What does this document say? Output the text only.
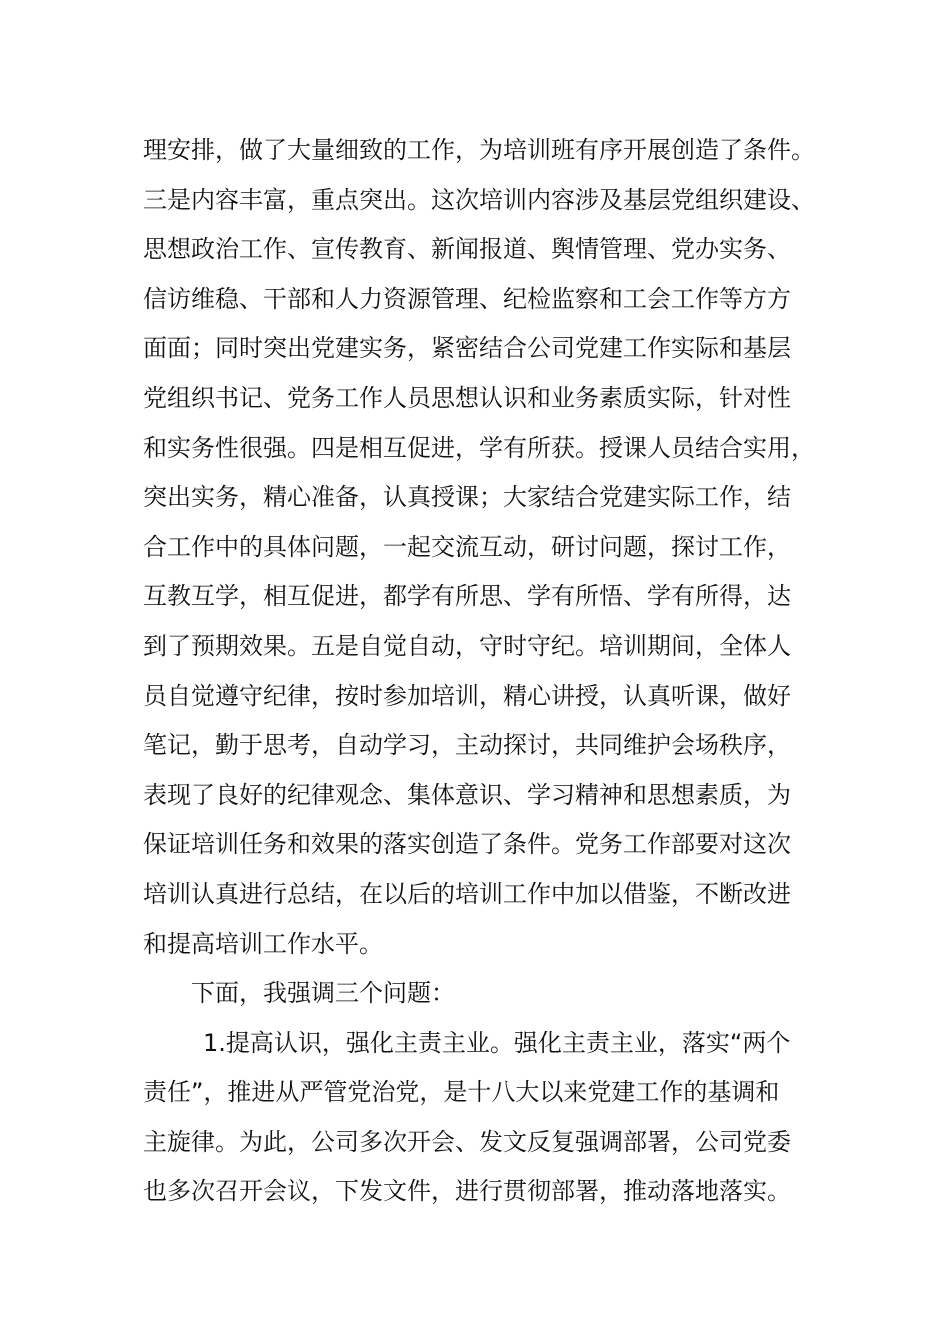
理安排，做了大量细致的工作，为培训班有序开展创造了条件。
三是内容丰富，重点突出。这次培训内容涉及基层党组织建设、
思想政治工作、宣传教育、新闻报道、舆情管理、党办实务、
信访维稳、干部和人力资源管理、纪检监察和工会工作等方方
面面；同时突出党建实务，紧密结合公司党建工作实际和基层
党组织书记、党务工作人员思想认识和业务素质实际，针对性
和实务性很强。四是相互促进，学有所获。授课人员结合实用，
突出实务，精心准备，认真授课；大家结合党建实际工作，结
合工作中的具体问题，一起交流互动，研讨问题，探讨工作，
互教互学，相互促进，都学有所思、学有所悟、学有所得，达
到了预期效果。五是自觉自动，守时守纪。培训期间，全体人
员自觉遵守纪律，按时参加培训，精心讲授，认真听课，做好
笔记，勤于思考，自动学习，主动探讨，共同维护会场秩序，
表现了良好的纪律观念、集体意识、学习精神和思想素质，为
保证培训任务和效果的落实创造了条件。党务工作部要对这次
培训认真进行总结，在以后的培训工作中加以借鉴，不断改进
和提高培训工作水平。
下面，我强调三个问题：
1.提高认识，强化主责主业。强化主责主业，落实“两个
责任”，推进从严管党治党，是十八大以来党建工作的基调和
主旋律。为此，公司多次开会、发文反复强调部署，公司党委
也多次召开会议，下发文件，进行贯彻部署，推动落地落实。
